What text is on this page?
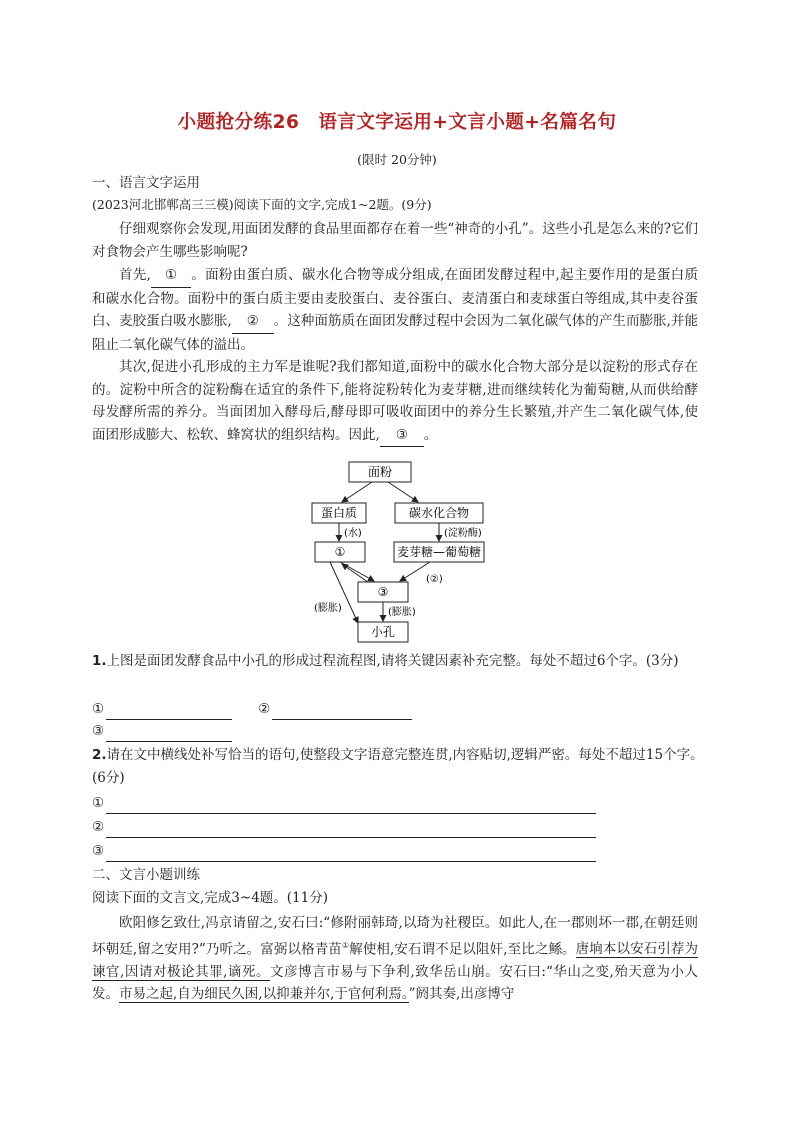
小题抢分练26　语言文字运用+文言小题+名篇名句
(限时 20分钟)
一、语言文字运用
(2023河北邯郸高三三模)阅读下面的文字,完成1~2题。(9分)
仔细观察你会发现,用面团发酵的食品里面都存在着一些“神奇的小孔”。这些小孔是怎么来的?它们对食物会产生哪些影响呢?
首先, ① 。面粉由蛋白质、碳水化合物等成分组成,在面团发酵过程中,起主要作用的是蛋白质和碳水化合物。面粉中的蛋白质主要由麦胶蛋白、麦谷蛋白、麦清蛋白和麦球蛋白等组成,其中麦谷蛋白、麦胶蛋白吸水膨胀, ② 。这种面筋质在面团发酵过程中会因为二氧化碳气体的产生而膨胀,并能阻止二氧化碳气体的溢出。
其次,促进小孔形成的主力军是谁呢?我们都知道,面粉中的碳水化合物大部分是以淀粉的形式存在的。淀粉中所含的淀粉酶在适宜的条件下,能将淀粉转化为麦芽糖,进而继续转化为葡萄糖,从而供给酵母发酵所需的养分。当面团加入酵母后,酵母即可吸收面团中的养分生长繁殖,并产生二氧化碳气体,使面团形成膨大、松软、蜂窝状的组织结构。因此, ③ 。
面粉
蛋白质	碳水化合物
(水)	(淀粉酶)
①	麦芽糖—葡萄糖
(②)
③
(膨胀)
(膨胀)
小孔
1.上图是面团发酵食品中小孔的形成过程流程图,请将关键因素补充完整。每处不超过6个字。(3分)
①	②
③
2.请在文中横线处补写恰当的语句,使整段文字语意完整连贯,内容贴切,逻辑严密。每处不超过15个字。(6分)
①
②
③
二、文言小题训练
阅读下面的文言文,完成3~4题。(11分)
欧阳修乞致仕,冯京请留之,安石曰:“修附丽韩琦,以琦为社稷臣。如此人,在一郡则坏一郡,在朝廷则坏朝廷,留之安用?”乃听之。富弼以格青苗①解使相,安石谓不足以阻奸,至比之鲧。唐垧本以安石引荐为谏官,因请对极论其罪,谪死。文彦博言市易与下争利,致华岳山崩。安石曰:“华山之变,殆天意为小人发。市易之起,自为细民久困,以抑兼并尔,于官何利焉。”阏其奏,出彦博守
